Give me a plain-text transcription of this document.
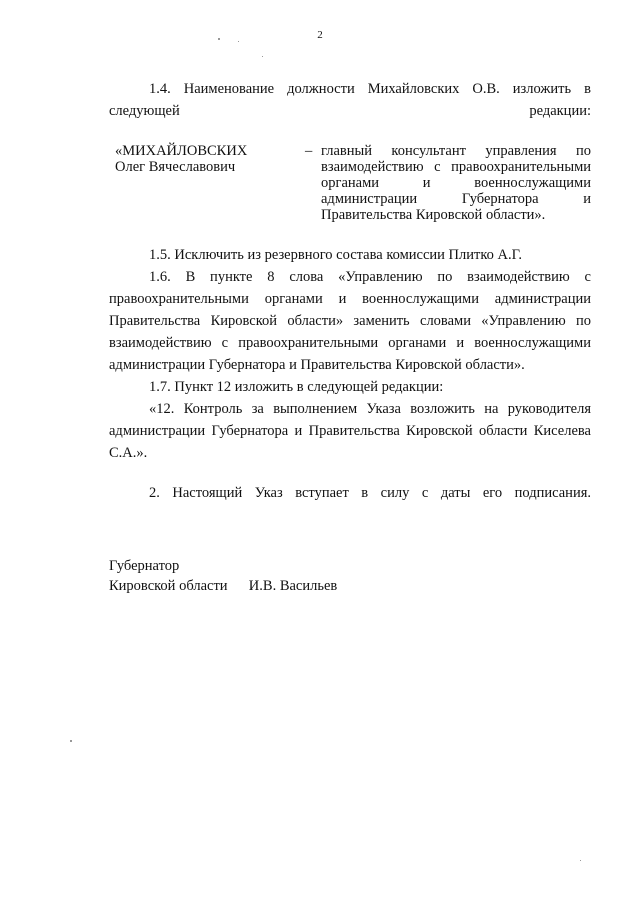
2

1.4. Наименование должности Михайловских О.В. изложить в следующей редакции:

«МИХАЙЛОВСКИХ
Олег Вячеславович
– главный консультант управления по
взаимодействию с правоохранительными
органами и военнослужащими
администрации Губернатора и
Правительства Кировской области».

1.5. Исключить из резервного состава комиссии Плитко А.Г.

1.6. В пункте 8 слова «Управлению по взаимодействию с правоохранительными органами и военнослужащими администрации Правительства Кировской области» заменить словами «Управлению по взаимодействию с правоохранительными органами и военнослужащими администрации Губернатора и Правительства Кировской области».

1.7. Пункт 12 изложить в следующей редакции:

«12. Контроль за выполнением Указа возложить на руководителя администрации Губернатора и Правительства Кировской области Киселева С.А.».

2. Настоящий Указ вступает в силу с даты его подписания.

Губернатор
Кировской области И.В. Васильев
